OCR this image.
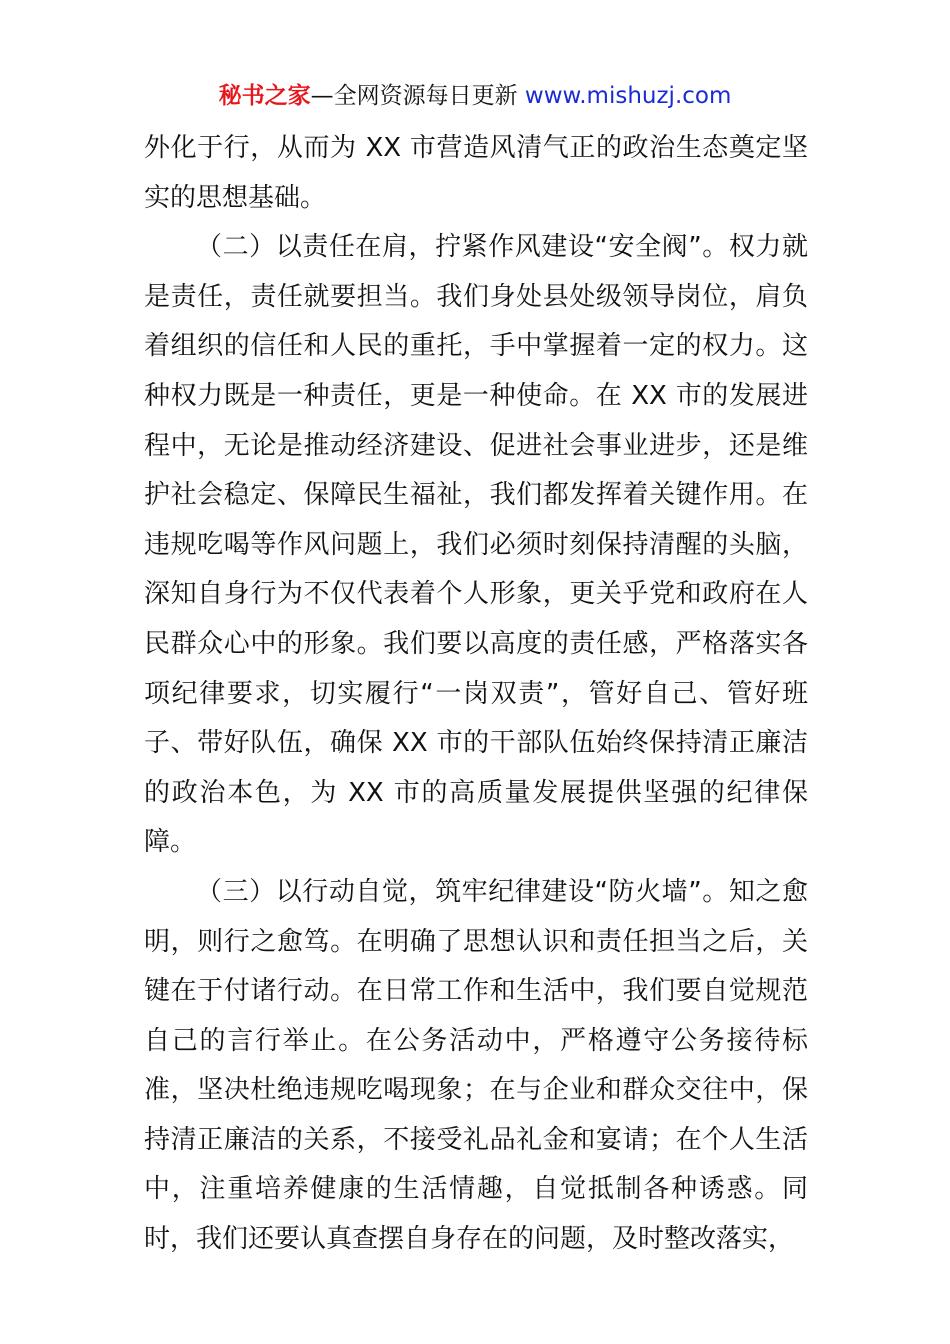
秘书之家—全网资源每日更新 www.mishuzj.com

外化于行，从而为 XX 市营造风清气正的政治生态奠定坚实的思想基础。

（二）以责任在肩，拧紧作风建设“安全阀”。权力就是责任，责任就要担当。我们身处县处级领导岗位，肩负着组织的信任和人民的重托，手中掌握着一定的权力。这种权力既是一种责任，更是一种使命。在 XX 市的发展进程中，无论是推动经济建设、促进社会事业进步，还是维护社会稳定、保障民生福祉，我们都发挥着关键作用。在违规吃喝等作风问题上，我们必须时刻保持清醒的头脑，深知自身行为不仅代表着个人形象，更关乎党和政府在人民群众心中的形象。我们要以高度的责任感，严格落实各项纪律要求，切实履行“一岗双责”，管好自己、管好班子、带好队伍，确保 XX 市的干部队伍始终保持清正廉洁的政治本色，为 XX 市的高质量发展提供坚强的纪律保障。

（三）以行动自觉，筑牢纪律建设“防火墙”。知之愈明，则行之愈笃。在明确了思想认识和责任担当之后，关键在于付诸行动。在日常工作和生活中，我们要自觉规范自己的言行举止。在公务活动中，严格遵守公务接待标准，坚决杜绝违规吃喝现象；在与企业和群众交往中，保持清正廉洁的关系，不接受礼品礼金和宴请；在个人生活中，注重培养健康的生活情趣，自觉抵制各种诱惑。同时，我们还要认真查摆自身存在的问题，及时整改落实，
